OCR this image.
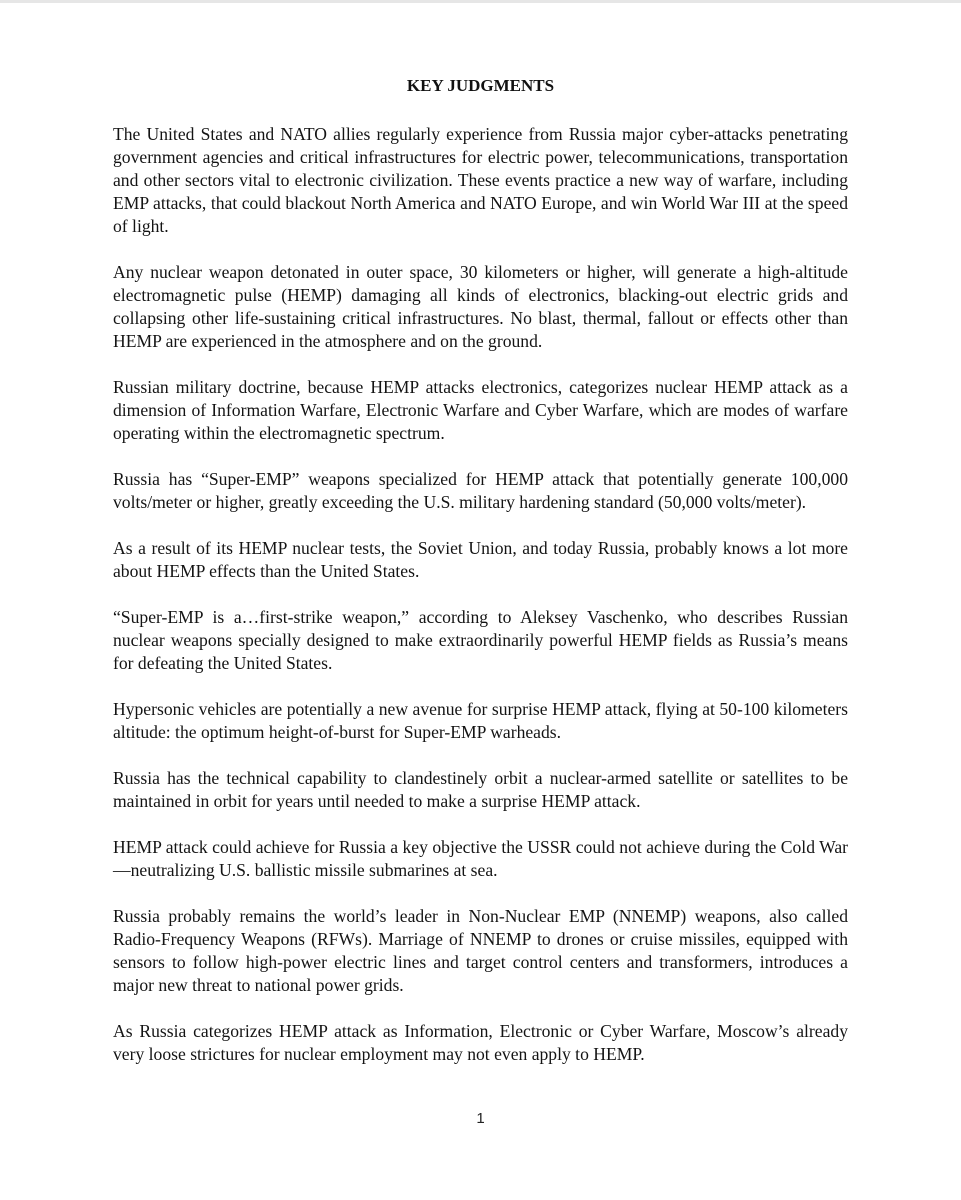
KEY JUDGMENTS

The United States and NATO allies regularly experience from Russia major cyber-attacks penetrating government agencies and critical infrastructures for electric power, telecommunications, transportation and other sectors vital to electronic civilization. These events practice a new way of warfare, including EMP attacks, that could blackout North America and NATO Europe, and win World War III at the speed of light.

Any nuclear weapon detonated in outer space, 30 kilometers or higher, will generate a high-altitude electromagnetic pulse (HEMP) damaging all kinds of electronics, blacking-out electric grids and collapsing other life-sustaining critical infrastructures. No blast, thermal, fallout or effects other than HEMP are experienced in the atmosphere and on the ground.

Russian military doctrine, because HEMP attacks electronics, categorizes nuclear HEMP attack as a dimension of Information Warfare, Electronic Warfare and Cyber Warfare, which are modes of warfare operating within the electromagnetic spectrum.

Russia has “Super-EMP” weapons specialized for HEMP attack that potentially generate 100,000 volts/meter or higher, greatly exceeding the U.S. military hardening standard (50,000 volts/meter).

As a result of its HEMP nuclear tests, the Soviet Union, and today Russia, probably knows a lot more about HEMP effects than the United States.

“Super-EMP is a…first-strike weapon,” according to Aleksey Vaschenko, who describes Russian nuclear weapons specially designed to make extraordinarily powerful HEMP fields as Russia’s means for defeating the United States.

Hypersonic vehicles are potentially a new avenue for surprise HEMP attack, flying at 50-100 kilometers altitude: the optimum height-of-burst for Super-EMP warheads.

Russia has the technical capability to clandestinely orbit a nuclear-armed satellite or satellites to be maintained in orbit for years until needed to make a surprise HEMP attack.

HEMP attack could achieve for Russia a key objective the USSR could not achieve during the Cold War—neutralizing U.S. ballistic missile submarines at sea.

Russia probably remains the world’s leader in Non-Nuclear EMP (NNEMP) weapons, also called Radio-Frequency Weapons (RFWs). Marriage of NNEMP to drones or cruise missiles, equipped with sensors to follow high-power electric lines and target control centers and transformers, introduces a major new threat to national power grids.

As Russia categorizes HEMP attack as Information, Electronic or Cyber Warfare, Moscow’s already very loose strictures for nuclear employment may not even apply to HEMP.

1
